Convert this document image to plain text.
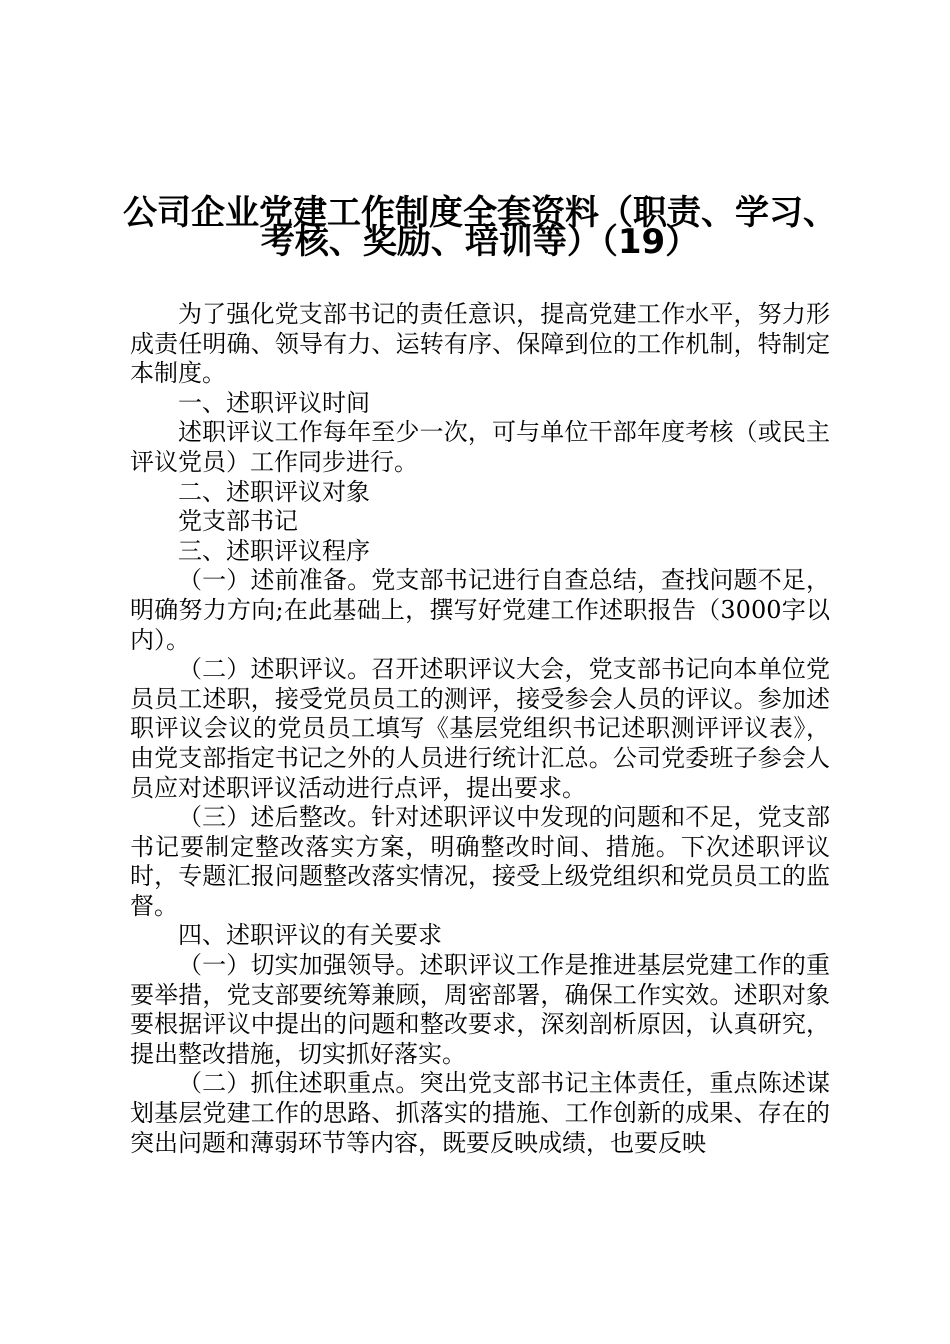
公司企业党建工作制度全套资料（职责、学习、
考核、奖励、培训等）（19）

为了强化党支部书记的责任意识，提高党建工作水平，努力形成责任明确、领导有力、运转有序、保障到位的工作机制，特制定本制度。

一、述职评议时间

述职评议工作每年至少一次，可与单位干部年度考核（或民主评议党员）工作同步进行。

二、述职评议对象

党支部书记

三、述职评议程序

（一）述前准备。党支部书记进行自查总结，查找问题不足，明确努力方向;在此基础上，撰写好党建工作述职报告（3000字以内）。

（二）述职评议。召开述职评议大会，党支部书记向本单位党员员工述职，接受党员员工的测评，接受参会人员的评议。参加述职评议会议的党员员工填写《基层党组织书记述职测评评议表》，由党支部指定书记之外的人员进行统计汇总。公司党委班子参会人员应对述职评议活动进行点评，提出要求。

（三）述后整改。针对述职评议中发现的问题和不足，党支部书记要制定整改落实方案，明确整改时间、措施。下次述职评议时，专题汇报问题整改落实情况，接受上级党组织和党员员工的监督。

四、述职评议的有关要求

（一）切实加强领导。述职评议工作是推进基层党建工作的重要举措，党支部要统筹兼顾，周密部署，确保工作实效。述职对象要根据评议中提出的问题和整改要求，深刻剖析原因，认真研究，提出整改措施，切实抓好落实。

（二）抓住述职重点。突出党支部书记主体责任，重点陈述谋划基层党建工作的思路、抓落实的措施、工作创新的成果、存在的突出问题和薄弱环节等内容，既要反映成绩，也要反映
